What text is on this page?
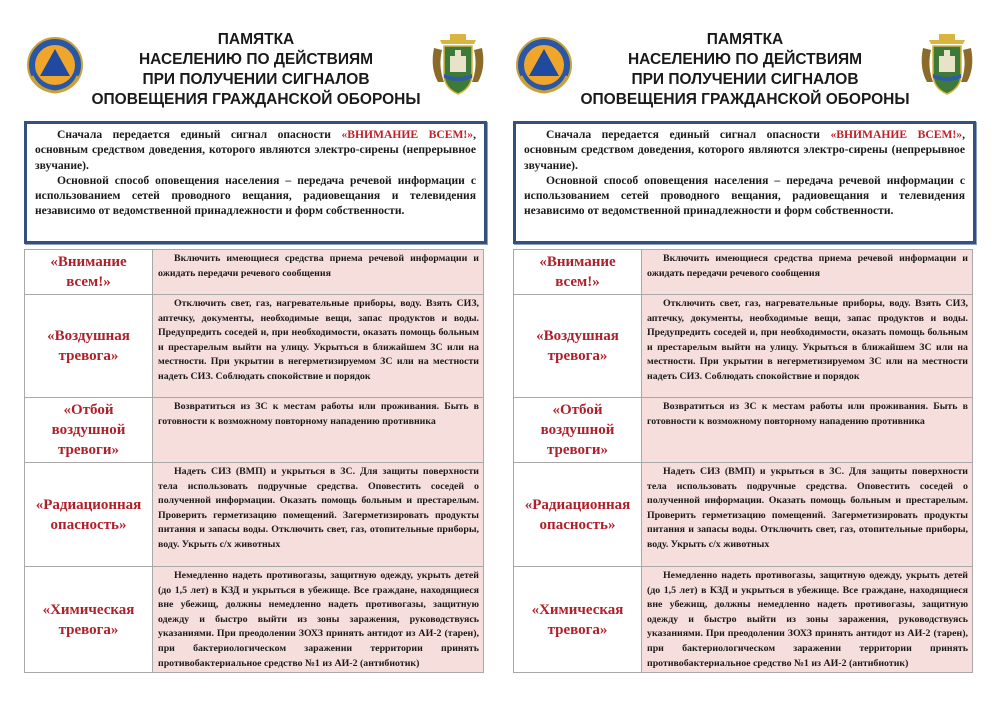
ПАМЯТКА
НАСЕЛЕНИЮ ПО ДЕЙСТВИЯМ
ПРИ ПОЛУЧЕНИИ СИГНАЛОВ
ОПОВЕЩЕНИЯ ГРАЖДАНСКОЙ ОБОРОНЫ

Сначала передается единый сигнал опасности «ВНИМАНИЕ ВСЕМ!», основным средством доведения, которого являются электро-сирены (непрерывное звучание).

Основной способ оповещения населения – передача речевой информации с использованием сетей проводного вещания, радиовещания и телевидения независимо от ведомственной принадлежности и форм собственности.

«Внимание всем!»	Включить имеющиеся средства приема речевой информации и ожидать передачи речевого сообщения

«Воздушная тревога»	Отключить свет, газ, нагревательные приборы, воду. Взять СИЗ, аптечку, документы, необходимые вещи, запас продуктов и воды. Предупредить соседей и, при необходимости, оказать помощь больным и престарелым выйти на улицу. Укрыться в ближайшем ЗС или на местности. При укрытии в негерметизируемом ЗС или на местности надеть СИЗ. Соблюдать спокойствие и порядок

«Отбой воздушной тревоги»	Возвратиться из ЗС к местам работы или проживания. Быть в готовности к возможному повторному нападению противника

«Радиационная опасность»	Надеть СИЗ (ВМП) и укрыться в ЗС. Для защиты поверхности тела использовать подручные средства. Оповестить соседей о полученной информации. Оказать помощь больным и престарелым. Проверить герметизацию помещений. Загерметизировать продукты питания и запасы воды. Отключить свет, газ, отопительные приборы, воду. Укрыть с/х животных

«Химическая тревога»	Немедленно надеть противогазы, защитную одежду, укрыть детей (до 1,5 лет) в КЗД и укрыться в убежище. Все граждане, находящиеся вне убежищ, должны немедленно надеть противогазы, защитную одежду и быстро выйти из зоны заражения, руководствуясь указаниями. При преодолении ЗОХЗ принять антидот из АИ-2 (тарен), при бактериологическом заражении территории принять противобактериальное средство №1 из АИ-2 (антибиотик)

ПАМЯТКА
НАСЕЛЕНИЮ ПО ДЕЙСТВИЯМ
ПРИ ПОЛУЧЕНИИ СИГНАЛОВ
ОПОВЕЩЕНИЯ ГРАЖДАНСКОЙ ОБОРОНЫ

Сначала передается единый сигнал опасности «ВНИМАНИЕ ВСЕМ!», основным средством доведения, которого являются электро-сирены (непрерывное звучание).

Основной способ оповещения населения – передача речевой информации с использованием сетей проводного вещания, радиовещания и телевидения независимо от ведомственной принадлежности и форм собственности.

«Внимание всем!»	Включить имеющиеся средства приема речевой информации и ожидать передачи речевого сообщения

«Воздушная тревога»	Отключить свет, газ, нагревательные приборы, воду. Взять СИЗ, аптечку, документы, необходимые вещи, запас продуктов и воды. Предупредить соседей и, при необходимости, оказать помощь больным и престарелым выйти на улицу. Укрыться в ближайшем ЗС или на местности. При укрытии в негерметизируемом ЗС или на местности надеть СИЗ. Соблюдать спокойствие и порядок

«Отбой воздушной тревоги»	Возвратиться из ЗС к местам работы или проживания. Быть в готовности к возможному повторному нападению противника

«Радиационная опасность»	Надеть СИЗ (ВМП) и укрыться в ЗС. Для защиты поверхности тела использовать подручные средства. Оповестить соседей о полученной информации. Оказать помощь больным и престарелым. Проверить герметизацию помещений. Загерметизировать продукты питания и запасы воды. Отключить свет, газ, отопительные приборы, воду. Укрыть с/х животных

«Химическая тревога»	Немедленно надеть противогазы, защитную одежду, укрыть детей (до 1,5 лет) в КЗД и укрыться в убежище. Все граждане, находящиеся вне убежищ, должны немедленно надеть противогазы, защитную одежду и быстро выйти из зоны заражения, руководствуясь указаниями. При преодолении ЗОХЗ принять антидот из АИ-2 (тарен), при бактериологическом заражении территории принять противобактериальное средство №1 из АИ-2 (антибиотик)
